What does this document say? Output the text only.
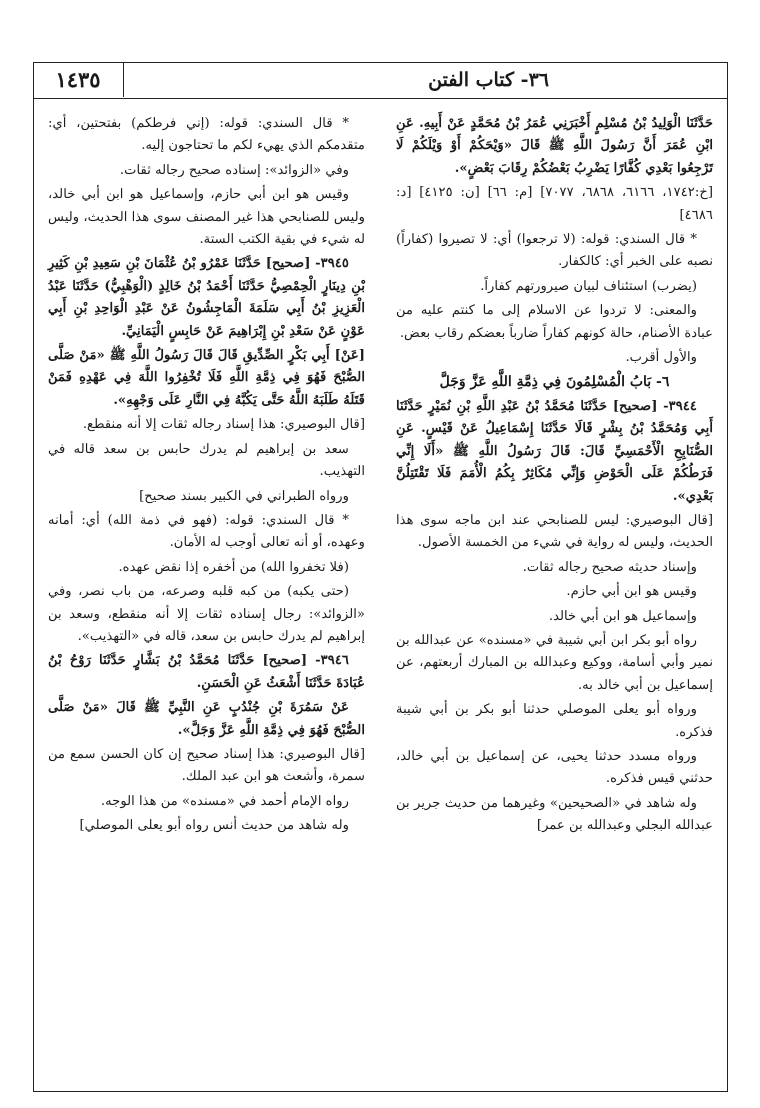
١٤٣٥	٣٦- كتاب الفتن

حَدَّثَنَا الْوَلِيدُ بْنُ مُسْلِمٍ أَخْبَرَنِي عُمَرُ بْنُ مُحَمَّدٍ عَنْ أَبِيهِ. عَنِ ابْنِ عُمَرَ أَنَّ رَسُولَ اللَّهِ ﷺ قَالَ «وَيْحَكُمْ أَوْ وَيْلَكُمْ لَا تَرْجِعُوا بَعْدِي كُفَّارًا يَضْرِبُ بَعْضُكُمْ رِقَابَ بَعْضٍ».

[خ:١٧٤٢، ٦١٦٦، ٦٨٦٨، ٧٠٧٧] [م: ٦٦] [ن: ٤١٢٥] [د: ٤٦٨٦]

* قال السندي: قوله: (لا ترجعوا) أي: لا تصيروا (كفاراً) نصبه على الخبر أي: كالكفار.

(يضرب) استئناف لبيان صيرورتهم كفاراً.

والمعنى: لا تردوا عن الاسلام إلى ما كنتم عليه من عبادة الأصنام، حالة كونهم كفاراً ضارباً بعضكم رقاب بعض.

والأول أقرب.

٦- بَابُ الْمُسْلِمُونَ فِي ذِمَّةِ اللَّهِ عَزَّ وَجَلَّ

٣٩٤٤- [صحيح] حَدَّثَنَا مُحَمَّدُ بْنُ عَبْدِ اللَّهِ بْنِ نُمَيْرٍ حَدَّثَنَا أَبِي وَمُحَمَّدُ بْنُ بِشْرٍ قَالَا حَدَّثَنَا إِسْمَاعِيلُ عَنْ قَيْسٍ. عَنِ الصُّنَابِحِ الْأَحْمَسِيِّ قَالَ: قَالَ رَسُولُ اللَّهِ ﷺ «أَلَا إِنِّي فَرَطُكُمْ عَلَى الْحَوْضِ وَإِنِّي مُكَاثِرٌ بِكُمُ الْأُمَمَ فَلَا تَقْتَتِلُنَّ بَعْدِي».

[قال البوصيري: ليس للصنابحي عند ابن ماجه سوى هذا الحديث، وليس له رواية في شيء من الخمسة الأصول.

وإسناد حديثه صحيح رجاله ثقات.

وقيس هو ابن أبي حازم.

وإسماعيل هو ابن أبي خالد.

رواه أبو بكر ابن أبي شيبة في «مسنده» عن عبدالله بن نمير وأبي أسامة، ووكيع وعبدالله بن المبارك أربعتهم، عن إسماعيل بن أبي خالد به.

ورواه أبو يعلى الموصلي حدثنا أبو بكر بن أبي شيبة فذكره.

ورواه مسدد حدثنا يحيى، عن إسماعيل بن أبي خالد، حدثني قيس فذكره.

وله شاهد في «الصحيحين» وغيرهما من حديث جرير بن عبدالله البجلي وعبدالله بن عمر]

* قال السندي: قوله: (إني فرطكم) بفتحتين، أي: متقدمكم الذي يهيء لكم ما تحتاجون إليه.

وفي «الزوائد»: إسناده صحيح رجاله ثقات.

وقيس هو ابن أبي حازم، وإسماعيل هو ابن أبي خالد، وليس للصنابحي هذا غير المصنف سوى هذا الحديث، وليس له شيء في بقية الكتب الستة.

٣٩٤٥- [صحيح] حَدَّثَنَا عَمْرُو بْنُ عُثْمَانَ بْنِ سَعِيدِ بْنِ كَثِيرِ بْنِ دِينَارٍ الْحِمْصِيُّ حَدَّثَنَا أَحْمَدُ بْنُ خَالِدٍ (الْوَهْبِيُّ) حَدَّثَنَا عَبْدُ الْعَزِيزِ بْنُ أَبِي سَلَمَةَ الْمَاجِشُونُ عَنْ عَبْدِ الْوَاحِدِ بْنِ أَبِي عَوْنٍ عَنْ سَعْدِ بْنِ إِبْرَاهِيمَ عَنْ حَابِسٍ الْيَمَانِيِّ.

[عَنْ] أَبِي بَكْرٍ الصِّدِّيقِ قَالَ قَالَ رَسُولُ اللَّهِ ﷺ «مَنْ صَلَّى الصُّبْحَ فَهُوَ فِي ذِمَّةِ اللَّهِ فَلَا تُخْفِرُوا اللَّهَ فِي عَهْدِهِ فَمَنْ قَتَلَهُ طَلَبَهُ اللَّهُ حَتَّى يَكُبَّهُ فِي النَّارِ عَلَى وَجْهِهِ».

[قال البوصيري: هذا إسناد رجاله ثقات إلا أنه منقطع.

سعد بن إبراهيم لم يدرك حابس بن سعد قاله في التهذيب.

ورواه الطبراني في الكبير بسند صحيح]

* قال السندي: قوله: (فهو في ذمة الله) أي: أمانه وعهده، أو أنه تعالى أوجب له الأمان.

(فلا تخفروا الله) من أخفره إذا نقض عهده.

(حتى يكبه) من كبه قلبه وصرعه، من باب نصر، وفي «الزوائد»: رجال إسناده ثقات إلا أنه منقطع، وسعد بن إبراهيم لم يدرك حابس بن سعد، قاله في «التهذيب».

٣٩٤٦- [صحيح] حَدَّثَنَا مُحَمَّدُ بْنُ بَشَّارٍ حَدَّثَنَا رَوْحُ بْنُ عُبَادَةَ حَدَّثَنَا أَشْعَثُ عَنِ الْحَسَنِ.

عَنْ سَمُرَةَ بْنِ جُنْدُبٍ عَنِ النَّبِيِّ ﷺ قَالَ «مَنْ صَلَّى الصُّبْحَ فَهُوَ فِي ذِمَّةِ اللَّهِ عَزَّ وَجَلَّ».

[قال البوصيري: هذا إسناد صحيح إن كان الحسن سمع من سمرة، وأشعث هو ابن عبد الملك.

رواه الإمام أحمد في «مسنده» من هذا الوجه.

وله شاهد من حديث أنس رواه أبو يعلى الموصلي]
